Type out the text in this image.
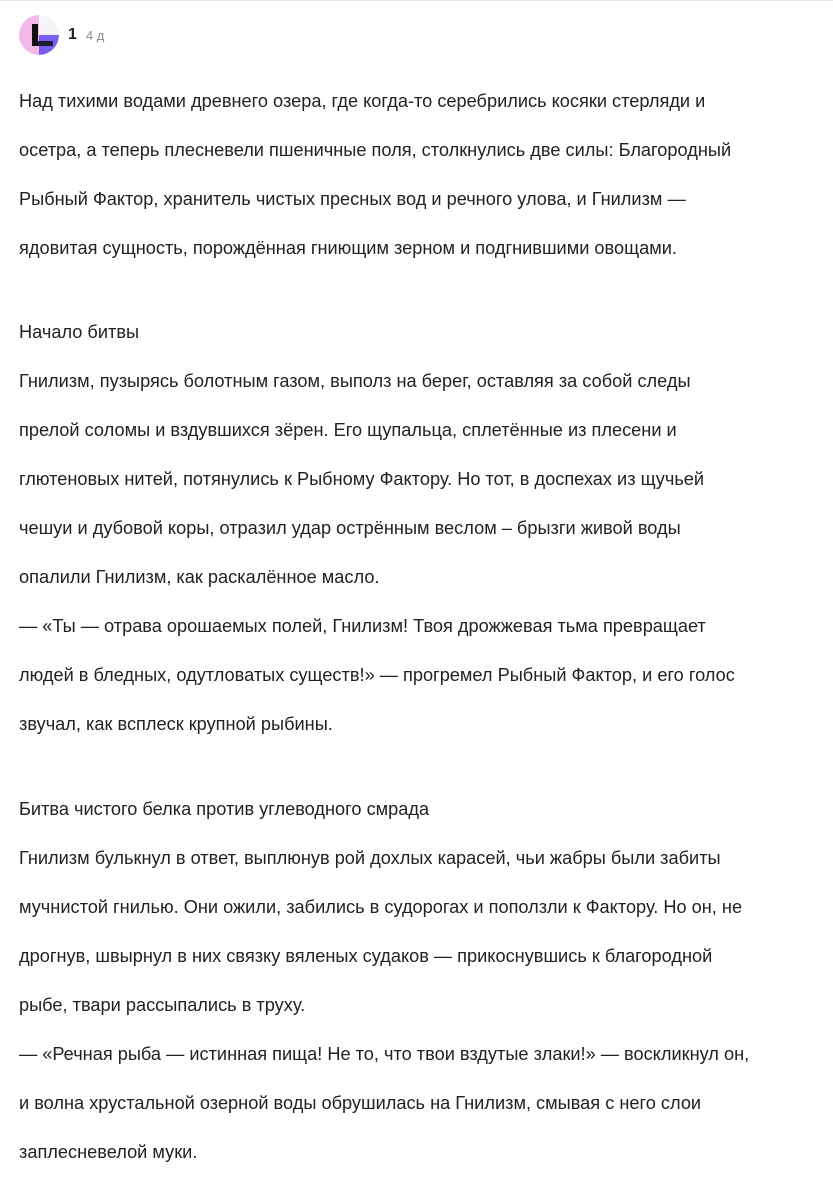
1 4 д

Над тихими водами древнего озера, где когда-то серебрились косяки стерляди и

осетра, а теперь плесневели пшеничные поля, столкнулись две силы: Благородный

Рыбный Фактор, хранитель чистых пресных вод и речного улова, и Гнилизм —

ядовитая сущность, порождённая гниющим зерном и подгнившими овощами.

Начало битвы

Гнилизм, пузырясь болотным газом, выполз на берег, оставляя за собой следы

прелой соломы и вздувшихся зёрен. Его щупальца, сплетённые из плесени и

глютеновых нитей, потянулись к Рыбному Фактору. Но тот, в доспехах из щучьей

чешуи и дубовой коры, отразил удар острённым веслом – брызги живой воды

опалили Гнилизм, как раскалённое масло.

— «Ты — отрава орошаемых полей, Гнилизм! Твоя дрожжевая тьма превращает

людей в бледных, одутловатых существ!» — прогремел Рыбный Фактор, и его голос

звучал, как всплеск крупной рыбины.

Битва чистого белка против углеводного смрада

Гнилизм булькнул в ответ, выплюнув рой дохлых карасей, чьи жабры были забиты

мучнистой гнилью. Они ожили, забились в судорогах и поползли к Фактору. Но он, не

дрогнув, швырнул в них связку вяленых судаков — прикоснувшись к благородной

рыбе, твари рассыпались в труху.

— «Речная рыба — истинная пища! Не то, что твои вздутые злаки!» — воскликнул он,

и волна хрустальной озерной воды обрушилась на Гнилизм, смывая с него слои

заплесневелой муки.
